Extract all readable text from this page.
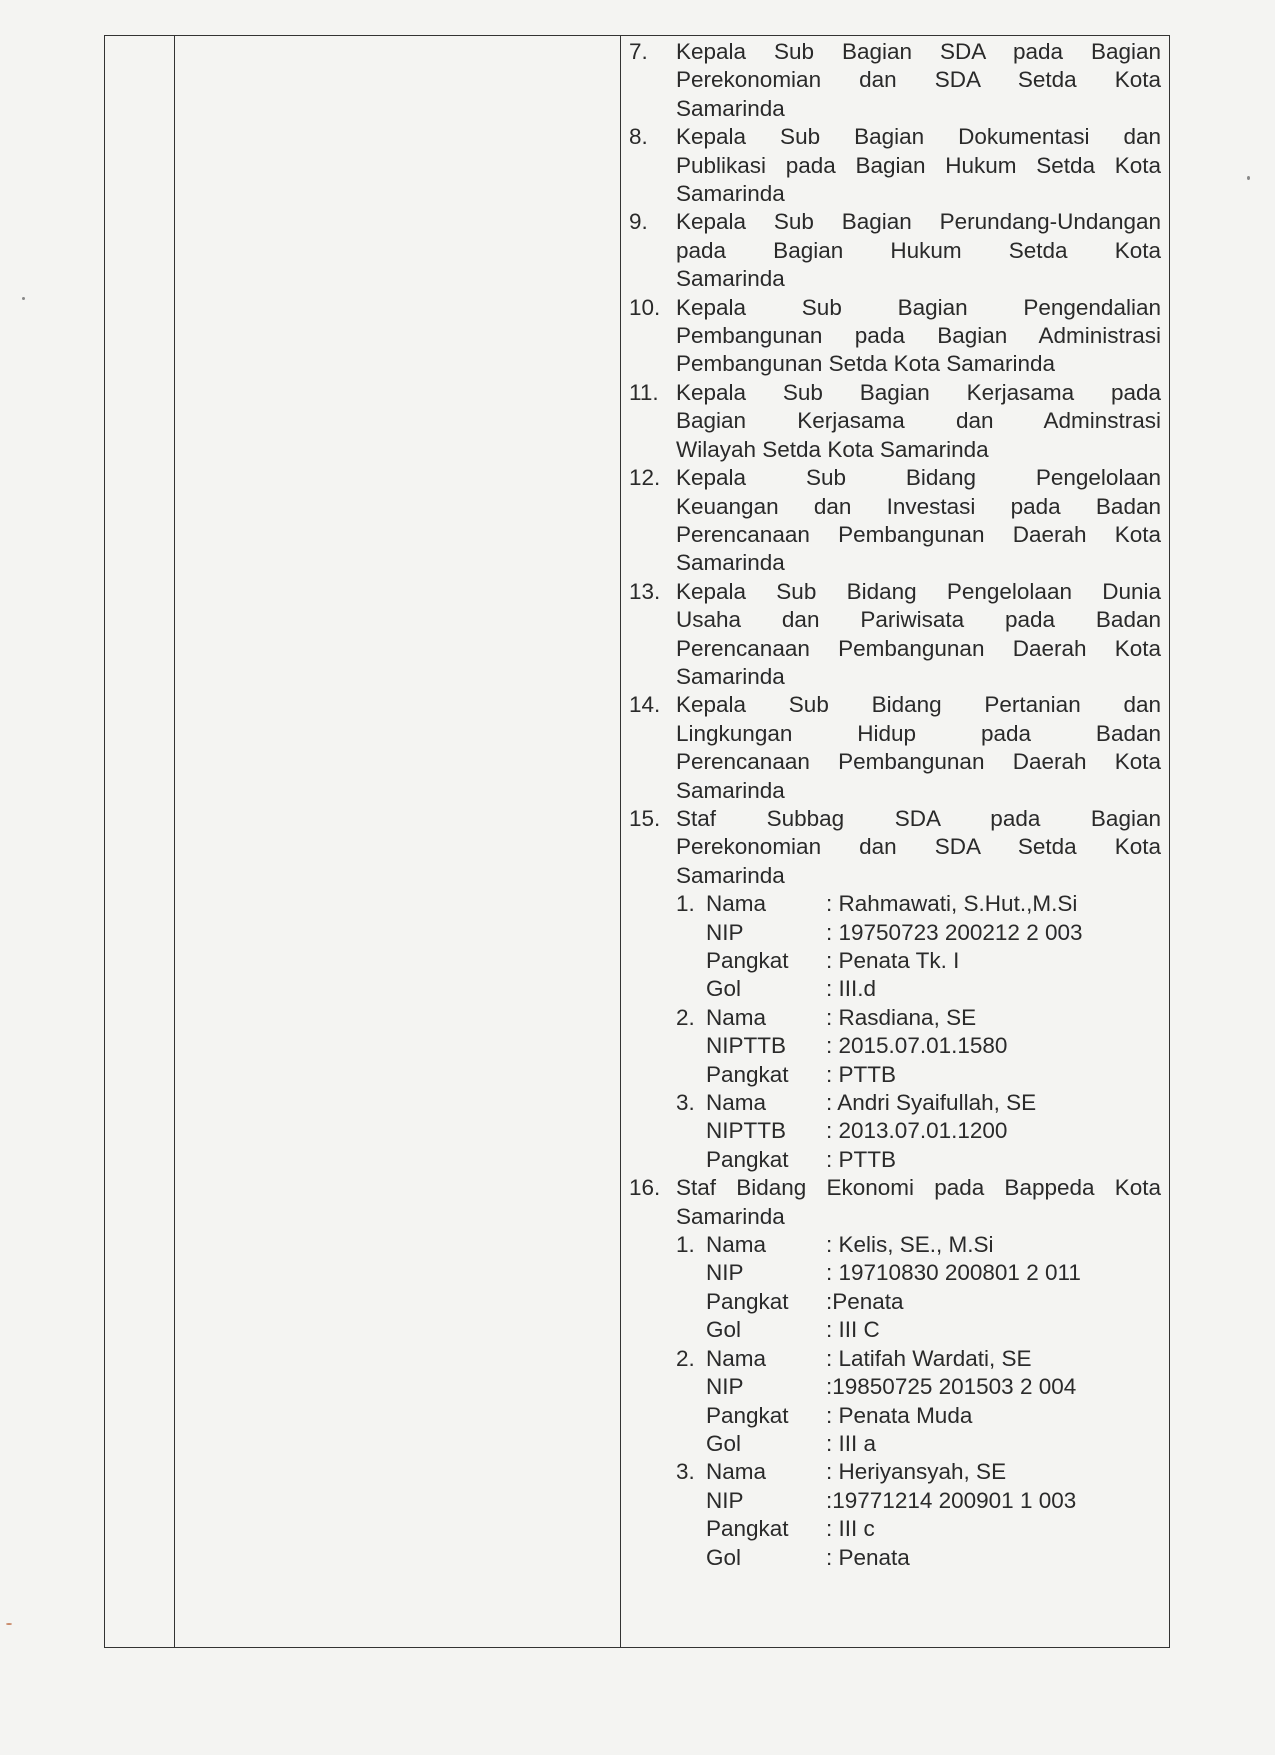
7.	Kepala Sub Bagian SDA pada Bagian
Perekonomian dan SDA Setda Kota
Samarinda
8.	Kepala Sub Bagian Dokumentasi dan
Publikasi pada Bagian Hukum Setda Kota
Samarinda
9.	Kepala Sub Bagian Perundang-Undangan
pada Bagian Hukum Setda Kota
Samarinda
10. Kepala Sub Bagian Pengendalian
Pembangunan pada Bagian Administrasi
Pembangunan Setda Kota Samarinda
11. Kepala Sub Bagian Kerjasama pada
Bagian Kerjasama dan Adminstrasi
Wilayah Setda Kota Samarinda
12. Kepala Sub Bidang Pengelolaan
Keuangan dan Investasi pada Badan
Perencanaan Pembangunan Daerah Kota
Samarinda
13. Kepala Sub Bidang Pengelolaan Dunia
Usaha dan Pariwisata pada Badan
Perencanaan Pembangunan Daerah Kota
Samarinda
14. Kepala Sub Bidang Pertanian dan
Lingkungan Hidup pada Badan
Perencanaan Pembangunan Daerah Kota
Samarinda
15. Staf Subbag SDA pada Bagian
Perekonomian dan SDA Setda Kota
Samarinda
1. Nama	: Rahmawati, S.Hut.,M.Si
NIP	: 19750723 200212 2 003
Pangkat	: Penata Tk. I
Gol	: III.d
2. Nama	: Rasdiana, SE
NIPTTB	: 2015.07.01.1580
Pangkat	: PTTB
3. Nama	: Andri Syaifullah, SE
NIPTTB	: 2013.07.01.1200
Pangkat	: PTTB
16. Staf Bidang Ekonomi pada Bappeda Kota
Samarinda
1. Nama	: Kelis, SE., M.Si
NIP	: 19710830 200801 2 011
Pangkat	:Penata
Gol	: III C
2. Nama	: Latifah Wardati, SE
NIP	:19850725 201503 2 004
Pangkat	: Penata Muda
Gol	: III a
3. Nama	: Heriyansyah, SE
NIP	:19771214 200901 1 003
Pangkat	: III c
Gol	: Penata
